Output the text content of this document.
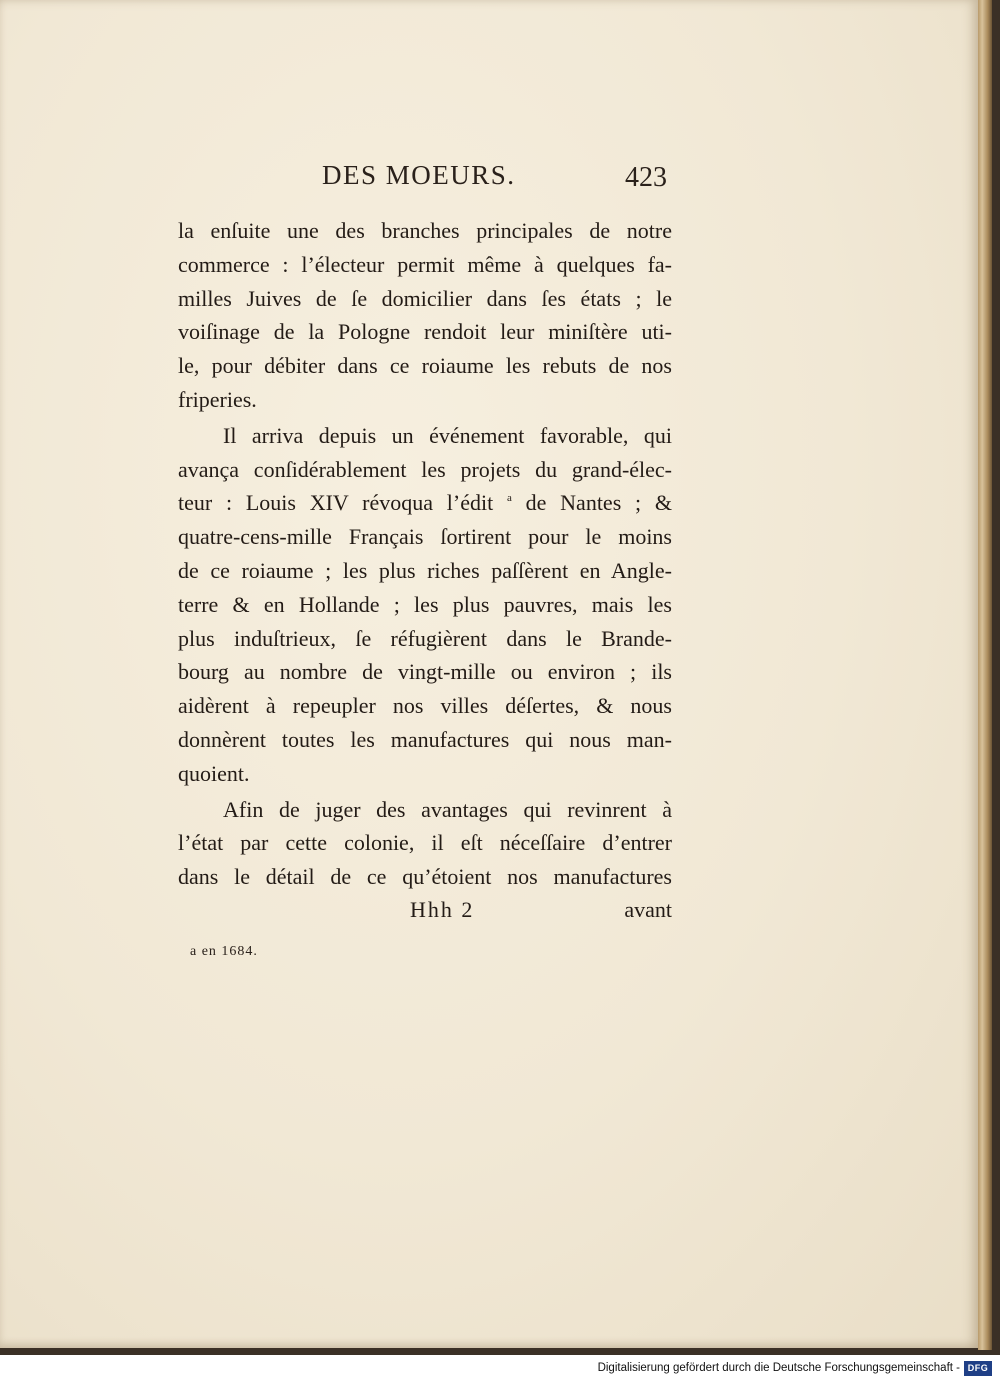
DES MOEURS.	423
la enſuite une des branches principales de notre
commerce : l’électeur permit même à quelques fa-
milles Juives de ſe domicilier dans ſes états ; le
voiſinage de la Pologne rendoit leur miniſtère uti-
le, pour débiter dans ce roiaume les rebuts de nos
friperies.
Il arriva depuis un événement favorable, qui
avança conſidérablement les projets du grand-élec-
teur : Louis XIV révoqua l’édit $^a$ de Nantes ; &
quatre-cens-mille Français ſortirent pour le moins
de ce roiaume ; les plus riches paſſèrent en Angle-
terre & en Hollande ; les plus pauvres, mais les
plus induſtrieux, ſe réfugièrent dans le Brande-
bourg au nombre de vingt-mille ou environ ; ils
aidèrent à repeupler nos villes déſertes, & nous
donnèrent toutes les manufactures qui nous man-
quoient.
Afin de juger des avantages qui revinrent à
l’état par cette colonie, il eſt néceſſaire d’entrer
dans le détail de ce qu’étoient nos manufactures
Hhh 2	avant
a en 1684.
Digitalisierung gefördert durch die Deutsche Forschungsgemeinschaft - DFG
